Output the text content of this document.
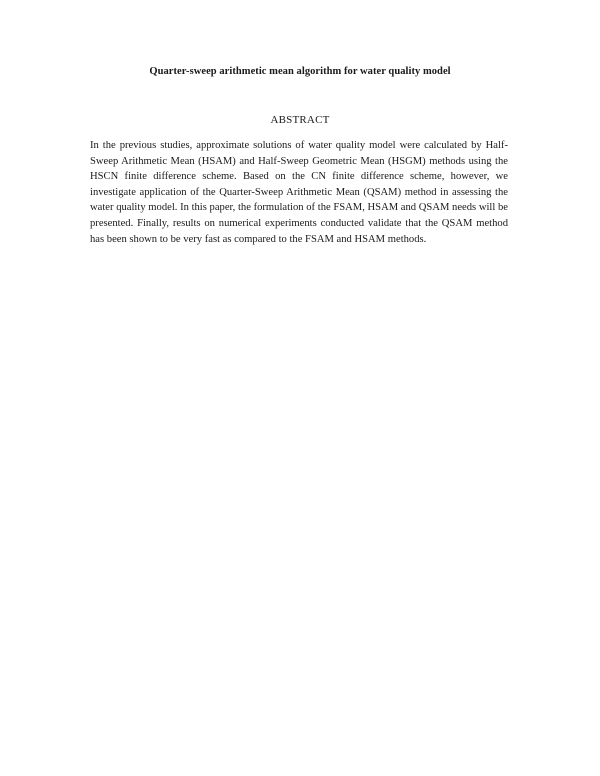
Quarter-sweep arithmetic mean algorithm for water quality model
ABSTRACT

In the previous studies, approximate solutions of water quality model were calculated by Half-Sweep Arithmetic Mean (HSAM) and Half-Sweep Geometric Mean (HSGM) methods using the HSCN finite difference scheme. Based on the CN finite difference scheme, however, we investigate application of the Quarter-Sweep Arithmetic Mean (QSAM) method in assessing the water quality model. In this paper, the formulation of the FSAM, HSAM and QSAM needs will be presented. Finally, results on numerical experiments conducted validate that the QSAM method has been shown to be very fast as compared to the FSAM and HSAM methods.
